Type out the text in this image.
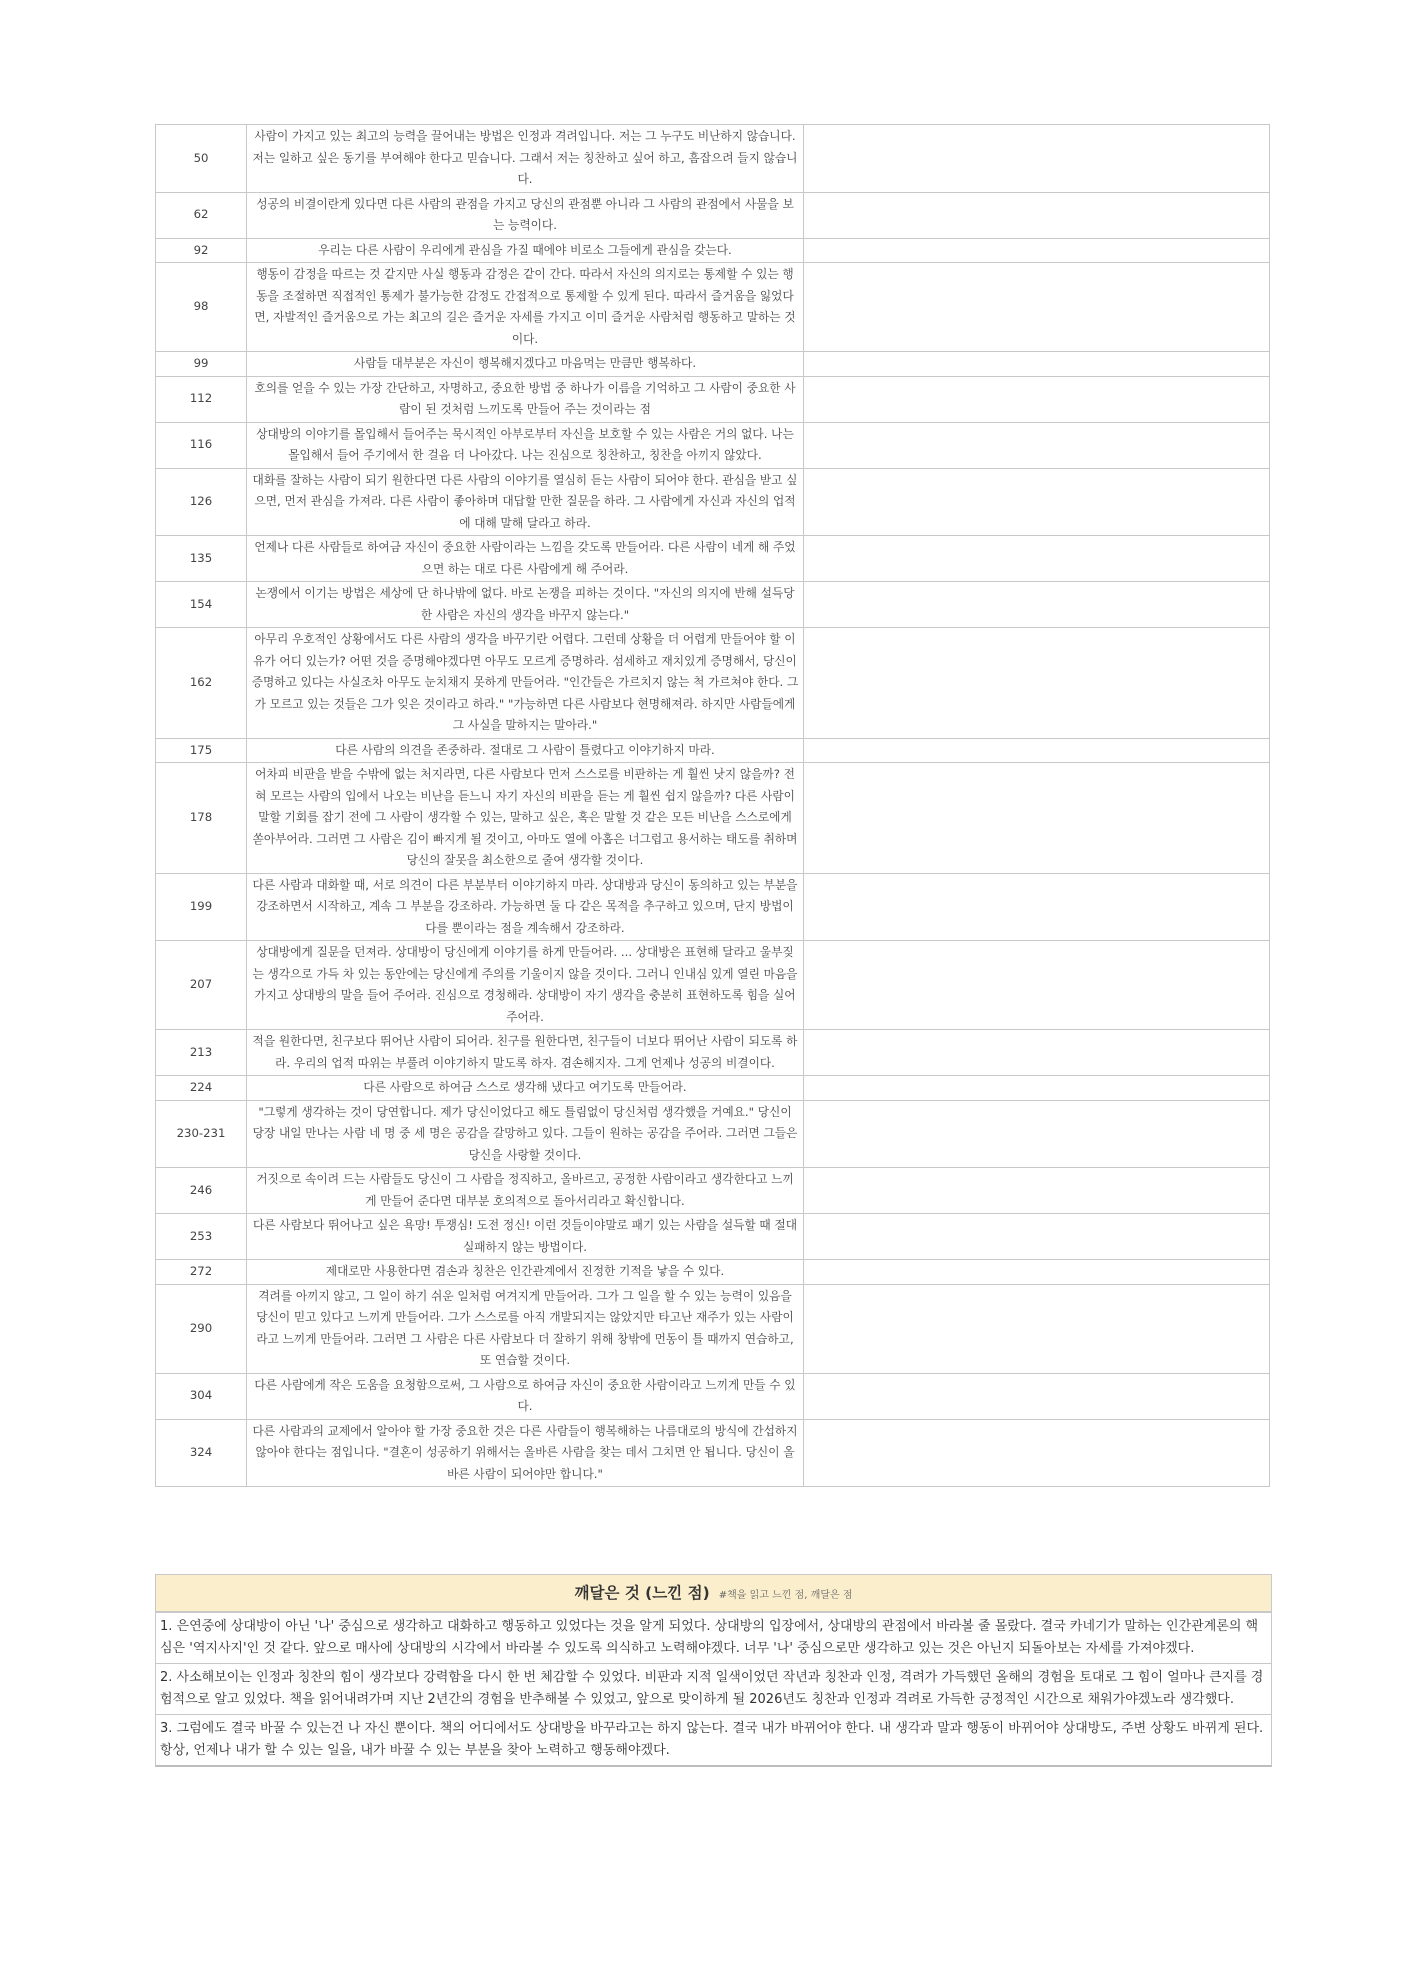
50	사람이 가지고 있는 최고의 능력을 끌어내는 방법은 인정과 격려입니다. 저는 그 누구도 비난하지 않습니다. 저는 일하고 싶은 동기를 부여해야 한다고 믿습니다. 그래서 저는 칭찬하고 싶어 하고, 흠잡으려 들지 않습니다.	
62	성공의 비결이란게 있다면 다른 사람의 관점을 가지고 당신의 관점뿐 아니라 그 사람의 관점에서 사물을 보는 능력이다.	
92	우리는 다른 사람이 우리에게 관심을 가질 때에야 비로소 그들에게 관심을 갖는다.	
98	행동이 감정을 따르는 것 같지만 사실 행동과 감정은 같이 간다. 따라서 자신의 의지로는 통제할 수 있는 행동을 조절하면 직접적인 통제가 불가능한 감정도 간접적으로 통제할 수 있게 된다. 따라서 즐거움을 잃었다면, 자발적인 즐거움으로 가는 최고의 길은 즐거운 자세를 가지고 이미 즐거운 사람처럼 행동하고 말하는 것이다.	
99	사람들 대부분은 자신이 행복해지겠다고 마음먹는 만큼만 행복하다.	
112	호의를 얻을 수 있는 가장 간단하고, 자명하고, 중요한 방법 중 하나가 이름을 기억하고 그 사람이 중요한 사람이 된 것처럼 느끼도록 만들어 주는 것이라는 점	
116	상대방의 이야기를 몰입해서 들어주는 묵시적인 아부로부터 자신을 보호할 수 있는 사람은 거의 없다. 나는 몰입해서 들어 주기에서 한 걸음 더 나아갔다. 나는 진심으로 칭찬하고, 칭찬을 아끼지 않았다.	
126	대화를 잘하는 사람이 되기 원한다면 다른 사람의 이야기를 열심히 듣는 사람이 되어야 한다. 관심을 받고 싶으면, 먼저 관심을 가져라. 다른 사람이 좋아하며 대답할 만한 질문을 하라. 그 사람에게 자신과 자신의 업적에 대해 말해 달라고 하라.	
135	언제나 다른 사람들로 하여금 자신이 중요한 사람이라는 느낌을 갖도록 만들어라. 다른 사람이 네게 해 주었으면 하는 대로 다른 사람에게 해 주어라.	
154	논쟁에서 이기는 방법은 세상에 단 하나밖에 없다. 바로 논쟁을 피하는 것이다. "자신의 의지에 반해 설득당한 사람은 자신의 생각을 바꾸지 않는다."	
162	아무리 우호적인 상황에서도 다른 사람의 생각을 바꾸기란 어렵다. 그런데 상황을 더 어렵게 만들어야 할 이유가 어디 있는가? 어떤 것을 증명해야겠다면 아무도 모르게 증명하라. 섬세하고 재치있게 증명해서, 당신이 증명하고 있다는 사실조차 아무도 눈치채지 못하게 만들어라. "인간들은 가르치지 않는 척 가르쳐야 한다. 그가 모르고 있는 것들은 그가 잊은 것이라고 하라." "가능하면 다른 사람보다 현명해져라. 하지만 사람들에게 그 사실을 말하지는 말아라."	
175	다른 사람의 의견을 존중하라. 절대로 그 사람이 틀렸다고 이야기하지 마라.	
178	어차피 비판을 받을 수밖에 없는 처지라면, 다른 사람보다 먼저 스스로를 비판하는 게 훨씬 낫지 않을까? 전혀 모르는 사람의 입에서 나오는 비난을 듣느니 자기 자신의 비판을 듣는 게 훨씬 쉽지 않을까? 다른 사람이 말할 기회를 잡기 전에 그 사람이 생각할 수 있는, 말하고 싶은, 혹은 말할 것 같은 모든 비난을 스스로에게 쏟아부어라. 그러면 그 사람은 김이 빠지게 될 것이고, 아마도 열에 아홉은 너그럽고 용서하는 태도를 취하며 당신의 잘못을 최소한으로 줄여 생각할 것이다.	
199	다른 사람과 대화할 때, 서로 의견이 다른 부분부터 이야기하지 마라. 상대방과 당신이 동의하고 있는 부분을 강조하면서 시작하고, 계속 그 부분을 강조하라. 가능하면 둘 다 같은 목적을 추구하고 있으며, 단지 방법이 다를 뿐이라는 점을 계속해서 강조하라.	
207	상대방에게 질문을 던져라. 상대방이 당신에게 이야기를 하게 만들어라. ... 상대방은 표현해 달라고 울부짖는 생각으로 가득 차 있는 동안에는 당신에게 주의를 기울이지 않을 것이다. 그러니 인내심 있게 열린 마음을 가지고 상대방의 말을 들어 주어라. 진심으로 경청해라. 상대방이 자기 생각을 충분히 표현하도록 힘을 실어 주어라.	
213	적을 원한다면, 친구보다 뛰어난 사람이 되어라. 친구를 원한다면, 친구들이 너보다 뛰어난 사람이 되도록 하라. 우리의 업적 따위는 부풀려 이야기하지 말도록 하자. 겸손해지자. 그게 언제나 성공의 비결이다.	
224	다른 사람으로 하여금 스스로 생각해 냈다고 여기도록 만들어라.	
230-231	"그렇게 생각하는 것이 당연합니다. 제가 당신이었다고 해도 틀림없이 당신처럼 생각했을 거예요." 당신이 당장 내일 만나는 사람 네 명 중 세 명은 공감을 갈망하고 있다. 그들이 원하는 공감을 주어라. 그러면 그들은 당신을 사랑할 것이다.	
246	거짓으로 속이려 드는 사람들도 당신이 그 사람을 정직하고, 올바르고, 공정한 사람이라고 생각한다고 느끼게 만들어 준다면 대부분 호의적으로 돌아서리라고 확신합니다.	
253	다른 사람보다 뛰어나고 싶은 욕망! 투쟁심! 도전 정신! 이런 것들이야말로 패기 있는 사람을 설득할 때 절대 실패하지 않는 방법이다.	
272	제대로만 사용한다면 겸손과 칭찬은 인간관계에서 진정한 기적을 낳을 수 있다.	
290	격려를 아끼지 않고, 그 일이 하기 쉬운 일처럼 여겨지게 만들어라. 그가 그 일을 할 수 있는 능력이 있음을 당신이 믿고 있다고 느끼게 만들어라. 그가 스스로를 아직 개발되지는 않았지만 타고난 재주가 있는 사람이라고 느끼게 만들어라. 그러면 그 사람은 다른 사람보다 더 잘하기 위해 창밖에 먼동이 틀 때까지 연습하고, 또 연습할 것이다.	
304	다른 사람에게 작은 도움을 요청함으로써, 그 사람으로 하여금 자신이 중요한 사람이라고 느끼게 만들 수 있다.	
324	다른 사람과의 교제에서 알아야 할 가장 중요한 것은 다른 사람들이 행복해하는 나름대로의 방식에 간섭하지 않아야 한다는 점입니다. "결혼이 성공하기 위해서는 올바른 사람을 찾는 데서 그치면 안 됩니다. 당신이 올바른 사람이 되어야만 합니다."	
깨달은 것 (느낀 점) #책을 읽고 느낀 점, 깨달은 점
1. 은연중에 상대방이 아닌 '나' 중심으로 생각하고 대화하고 행동하고 있었다는 것을 알게 되었다. 상대방의 입장에서, 상대방의 관점에서 바라볼 줄 몰랐다. 결국 카네기가 말하는 인간관계론의 핵심은 '역지사지'인 것 같다. 앞으로 매사에 상대방의 시각에서 바라볼 수 있도록 의식하고 노력해야겠다. 너무 '나' 중심으로만 생각하고 있는 것은 아닌지 되돌아보는 자세를 가져야겠다.
2. 사소해보이는 인정과 칭찬의 힘이 생각보다 강력함을 다시 한 번 체감할 수 있었다. 비판과 지적 일색이었던 작년과 칭찬과 인정, 격려가 가득했던 올해의 경험을 토대로 그 힘이 얼마나 큰지를 경험적으로 알고 있었다. 책을 읽어내려가며 지난 2년간의 경험을 반추해볼 수 있었고, 앞으로 맞이하게 될 2026년도 칭찬과 인정과 격려로 가득한 긍정적인 시간으로 채워가야겠노라 생각했다.
3. 그럼에도 결국 바꿀 수 있는건 나 자신 뿐이다. 책의 어디에서도 상대방을 바꾸라고는 하지 않는다. 결국 내가 바뀌어야 한다. 내 생각과 말과 행동이 바뀌어야 상대방도, 주변 상황도 바뀌게 된다. 항상, 언제나 내가 할 수 있는 일을, 내가 바꿀 수 있는 부분을 찾아 노력하고 행동해야겠다.
